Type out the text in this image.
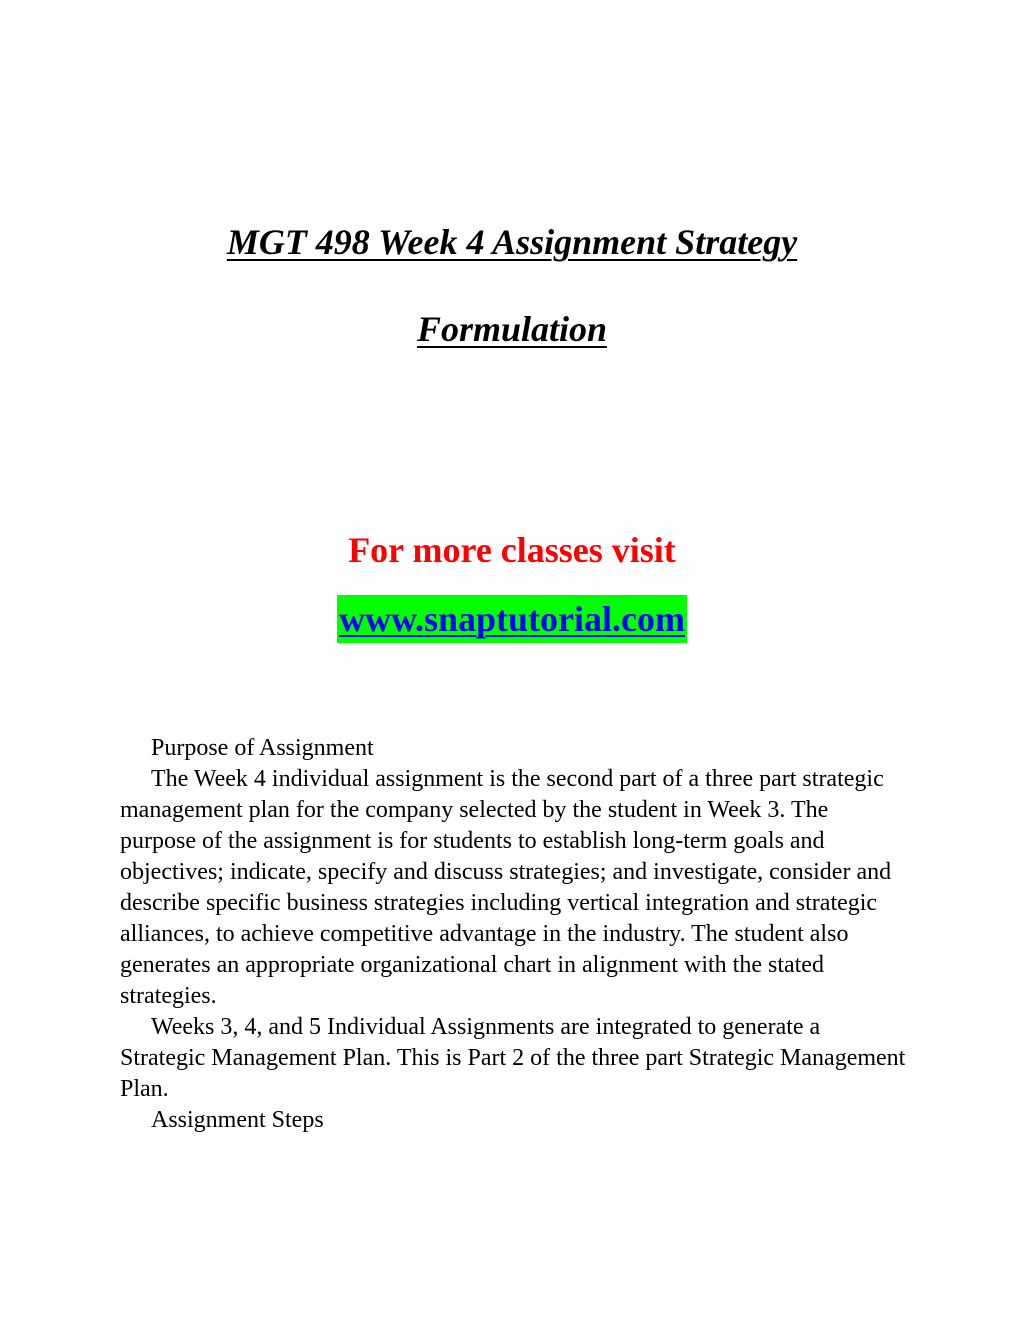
MGT 498 Week 4 Assignment Strategy
Formulation
For more classes visit
www.snaptutorial.com

Purpose of Assignment

The Week 4 individual assignment is the second part of a three part strategic management plan for the company selected by the student in Week 3. The purpose of the assignment is for students to establish long-term goals and objectives; indicate, specify and discuss strategies; and investigate, consider and describe specific business strategies including vertical integration and strategic alliances, to achieve competitive advantage in the industry. The student also generates an appropriate organizational chart in alignment with the stated strategies.

Weeks 3, 4, and 5 Individual Assignments are integrated to generate a Strategic Management Plan. This is Part 2 of the three part Strategic Management Plan.

Assignment Steps
